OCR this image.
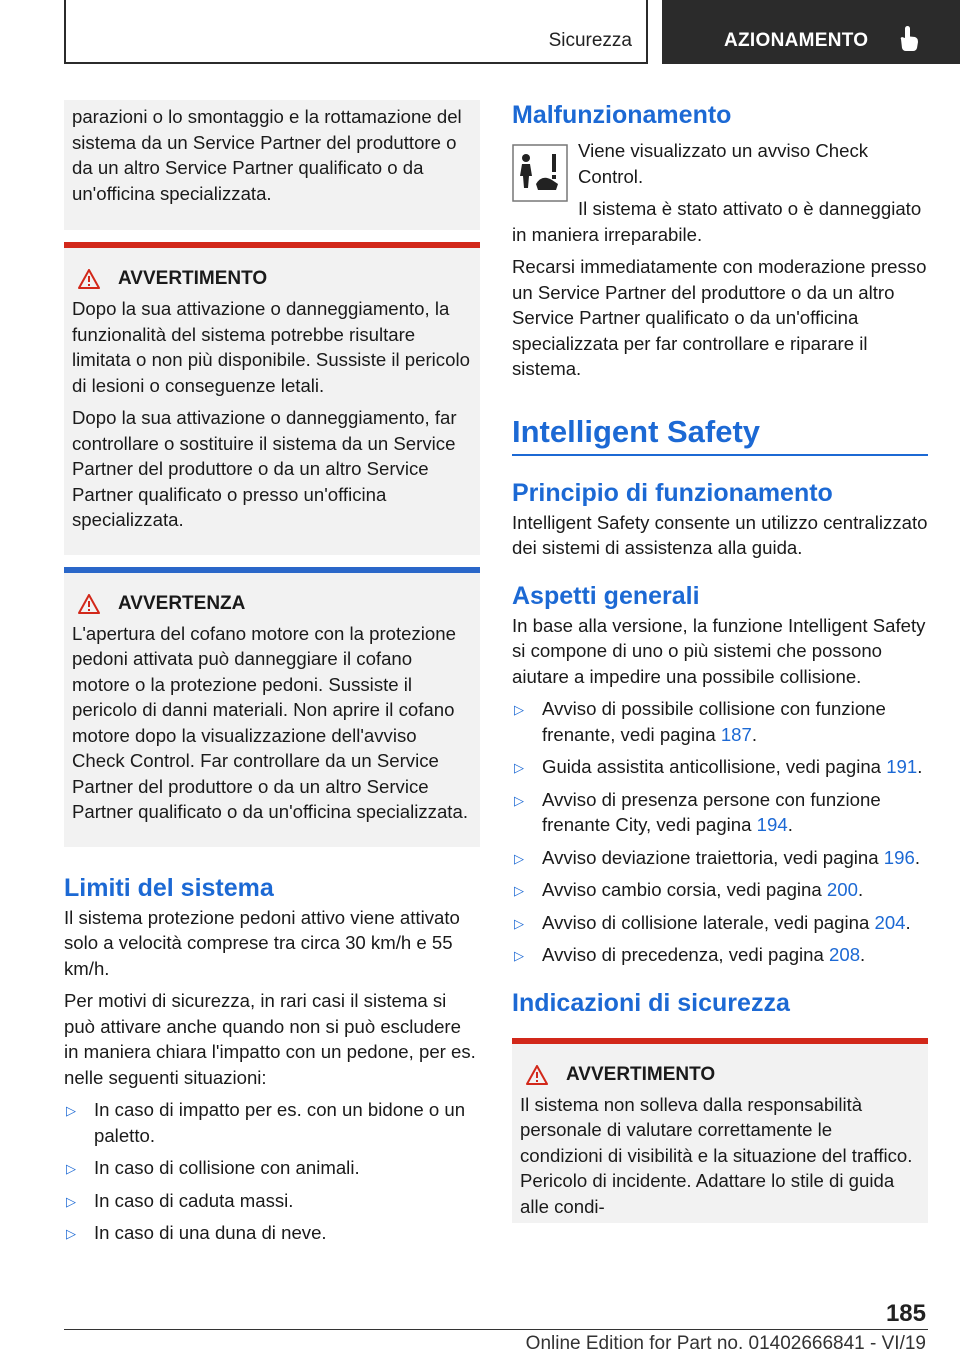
Sicurezza	AZIONAMENTO

parazioni o lo smontaggio e la rottamazione del sistema da un Service Partner del produttore o da un altro Service Partner qualificato o da un'officina specializzata.

AVVERTIMENTO

Dopo la sua attivazione o danneggiamento, la funzionalità del sistema potrebbe risultare limitata o non più disponibile. Sussiste il pericolo di lesioni o conseguenze letali.

Dopo la sua attivazione o danneggiamento, far controllare o sostituire il sistema da un Service Partner del produttore o da un altro Service Partner qualificato o presso un'officina specializzata.

AVVERTENZA

L'apertura del cofano motore con la protezione pedoni attivata può danneggiare il cofano motore o la protezione pedoni. Sussiste il pericolo di danni materiali. Non aprire il cofano motore dopo la visualizzazione dell'avviso Check Control. Far controllare da un Service Partner del produttore o da un altro Service Partner qualificato o da un'officina specializzata.

Limiti del sistema

Il sistema protezione pedoni attivo viene attivato solo a velocità comprese tra circa 30 km/h e 55 km/h.

Per motivi di sicurezza, in rari casi il sistema si può attivare anche quando non si può escludere in maniera chiara l'impatto con un pedone, per es. nelle seguenti situazioni:

▷ In caso di impatto per es. con un bidone o un paletto.
▷ In caso di collisione con animali.
▷ In caso di caduta massi.
▷ In caso di una duna di neve.
Malfunzionamento

Viene visualizzato un avviso Check Control.

Il sistema è stato attivato o è danneggiato in maniera irreparabile.

Recarsi immediatamente con moderazione presso un Service Partner del produttore o da un altro Service Partner qualificato o da un'officina specializzata per far controllare e riparare il sistema.

Intelligent Safety
Principio di funzionamento

Intelligent Safety consente un utilizzo centralizzato dei sistemi di assistenza alla guida.

Aspetti generali

In base alla versione, la funzione Intelligent Safety si compone di uno o più sistemi che possono aiutare a impedire una possibile collisione.

▷ Avviso di possibile collisione con funzione frenante, vedi pagina 187.
▷ Guida assistita anticollisione, vedi pagina 191.
▷ Avviso di presenza persone con funzione frenante City, vedi pagina 194.
▷ Avviso deviazione traiettoria, vedi pagina 196.
▷ Avviso cambio corsia, vedi pagina 200.
▷ Avviso di collisione laterale, vedi pagina 204.
▷ Avviso di precedenza, vedi pagina 208.
Indicazioni di sicurezza
AVVERTIMENTO

Il sistema non solleva dalla responsabilità personale di valutare correttamente le condizioni di visibilità e la situazione del traffico. Pericolo di incidente. Adattare lo stile di guida alle condi-

185
Online Edition for Part no. 01402666841 - VI/19
